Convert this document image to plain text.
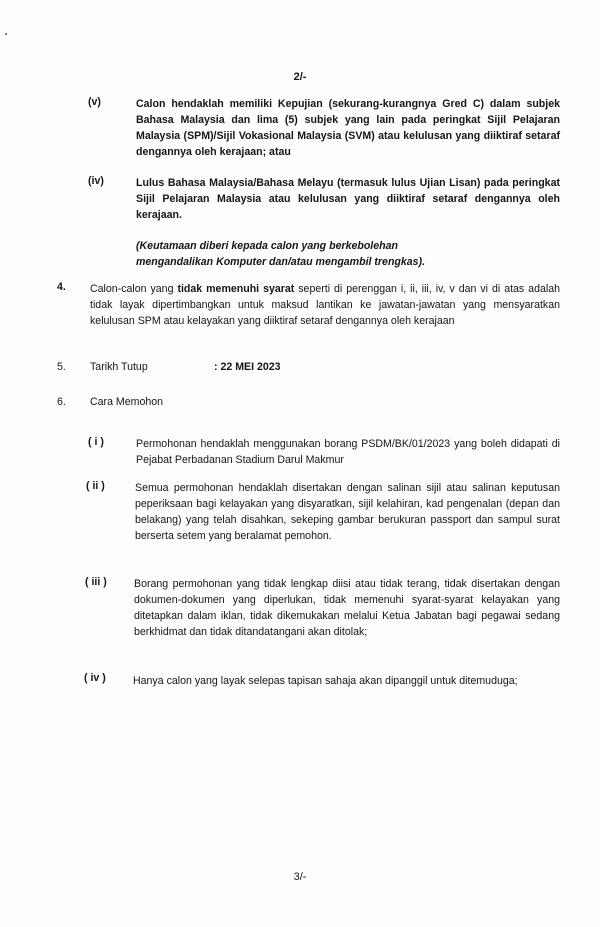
2/-
(v)	Calon hendaklah memiliki Kepujian (sekurang-kurangnya Gred C) dalam subjek Bahasa Malaysia dan lima (5) subjek yang lain pada peringkat Sijil Pelajaran Malaysia (SPM)/Sijil Vokasional Malaysia (SVM) atau kelulusan yang diiktiraf setaraf dengannya oleh kerajaan; atau
(iv)	Lulus Bahasa Malaysia/Bahasa Melayu (termasuk lulus Ujian Lisan) pada peringkat Sijil Pelajaran Malaysia atau kelulusan yang diiktiraf setaraf dengannya oleh kerajaan.
(Keutamaan diberi kepada calon yang berkebolehan mengandalikan Komputer dan/atau mengambil trengkas).
4. Calon-calon yang tidak memenuhi syarat seperti di perenggan i, ii, iii, iv, v dan vi di atas adalah tidak layak dipertimbangkan untuk maksud lantikan ke jawatan-jawatan yang mensyaratkan kelulusan SPM atau kelayakan yang diiktiraf setaraf dengannya oleh kerajaan
5. Tarikh Tutup	: 22 MEI 2023
6. Cara Memohon
( i )	Permohonan hendaklah menggunakan borang PSDM/BK/01/2023 yang boleh didapati di Pejabat Perbadanan Stadium Darul Makmur
( ii )	Semua permohonan hendaklah disertakan dengan salinan sijil atau salinan keputusan peperiksaan bagi kelayakan yang disyaratkan, sijil kelahiran, kad pengenalan (depan dan belakang) yang telah disahkan, sekeping gambar berukuran passport dan sampul surat berserta setem yang beralamat pemohon.
( iii )	Borang permohonan yang tidak lengkap diisi atau tidak terang, tidak disertakan dengan dokumen-dokumen yang diperlukan, tidak memenuhi syarat-syarat kelayakan yang ditetapkan dalam iklan, tidak dikemukakan melalui Ketua Jabatan bagi pegawai sedang berkhidmat dan tidak ditandatangani akan ditolak;
( iv )	Hanya calon yang layak selepas tapisan sahaja akan dipanggil untuk ditemuduga;
3/-
